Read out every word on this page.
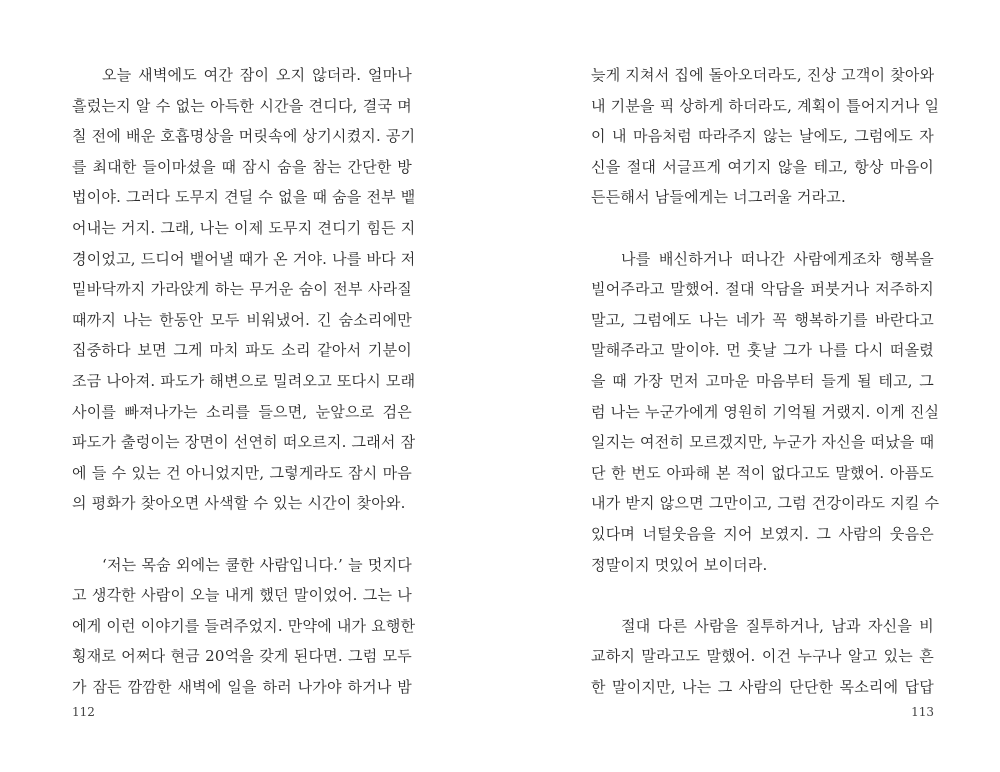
오늘 새벽에도 여간 잠이 오지 않더라. 얼마나
흘렀는지 알 수 없는 아득한 시간을 견디다, 결국 며
칠 전에 배운 호흡명상을 머릿속에 상기시켰지. 공기
를 최대한 들이마셨을 때 잠시 숨을 참는 간단한 방
법이야. 그러다 도무지 견딜 수 없을 때 숨을 전부 뱉
어내는 거지. 그래, 나는 이제 도무지 견디기 힘든 지
경이었고, 드디어 뱉어낼 때가 온 거야. 나를 바다 저
밑바닥까지 가라앉게 하는 무거운 숨이 전부 사라질
때까지 나는 한동안 모두 비워냈어. 긴 숨소리에만
집중하다 보면 그게 마치 파도 소리 같아서 기분이
조금 나아져. 파도가 해변으로 밀려오고 또다시 모래
사이를 빠져나가는 소리를 들으면, 눈앞으로 검은
파도가 출렁이는 장면이 선연히 떠오르지. 그래서 잠
에 들 수 있는 건 아니었지만, 그렇게라도 잠시 마음
의 평화가 찾아오면 사색할 수 있는 시간이 찾아와.
‘저는 목숨 외에는 쿨한 사람입니다.’ 늘 멋지다
고 생각한 사람이 오늘 내게 했던 말이었어. 그는 나
에게 이런 이야기를 들려주었지. 만약에 내가 요행한
횡재로 어쩌다 현금 20억을 갖게 된다면. 그럼 모두
가 잠든 깜깜한 새벽에 일을 하러 나가야 하거나 밤
112
늦게 지쳐서 집에 돌아오더라도, 진상 고객이 찾아와
내 기분을 픽 상하게 하더라도, 계획이 틀어지거나 일
이 내 마음처럼 따라주지 않는 날에도, 그럼에도 자
신을 절대 서글프게 여기지 않을 테고, 항상 마음이
든든해서 남들에게는 너그러울 거라고.
나를 배신하거나 떠나간 사람에게조차 행복을
빌어주라고 말했어. 절대 악담을 퍼붓거나 저주하지
말고, 그럼에도 나는 네가 꼭 행복하기를 바란다고
말해주라고 말이야. 먼 훗날 그가 나를 다시 떠올렸
을 때 가장 먼저 고마운 마음부터 들게 될 테고, 그
럼 나는 누군가에게 영원히 기억될 거랬지. 이게 진실
일지는 여전히 모르겠지만, 누군가 자신을 떠났을 때
단 한 번도 아파해 본 적이 없다고도 말했어. 아픔도
내가 받지 않으면 그만이고, 그럼 건강이라도 지킬 수
있다며 너털웃음을 지어 보였지. 그 사람의 웃음은
정말이지 멋있어 보이더라.
절대 다른 사람을 질투하거나, 남과 자신을 비
교하지 말라고도 말했어. 이건 누구나 알고 있는 흔
한 말이지만, 나는 그 사람의 단단한 목소리에 답답
113
